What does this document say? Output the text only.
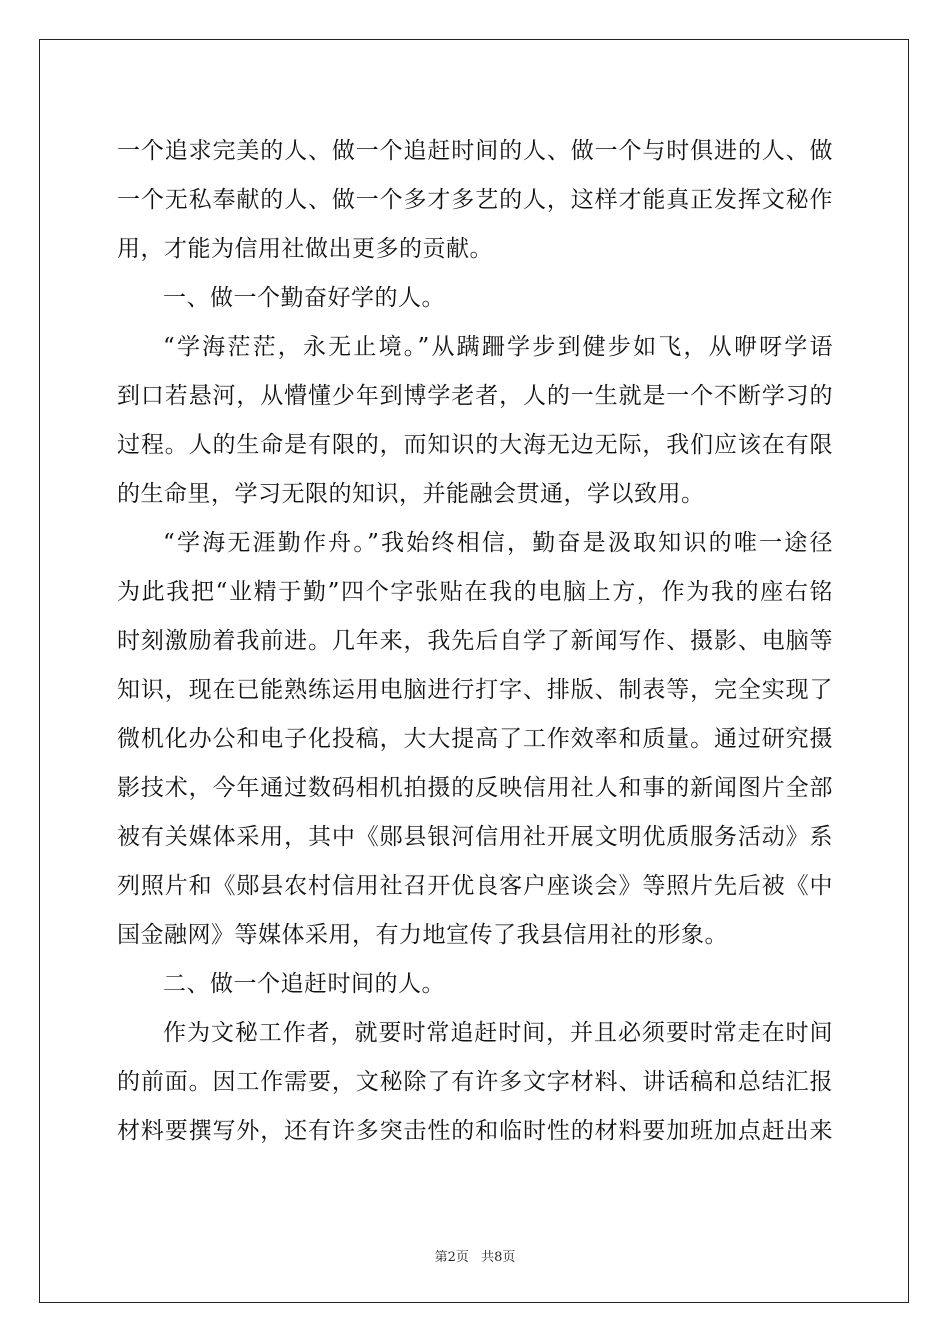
一个追求完美的人、做一个追赶时间的人、做一个与时俱进的人、做
一个无私奉献的人、做一个多才多艺的人，这样才能真正发挥文秘作
用，才能为信用社做出更多的贡献。
一、做一个勤奋好学的人。
“学海茫茫，永无止境。”从蹒跚学步到健步如飞，从咿呀学语
到口若悬河，从懵懂少年到博学老者，人的一生就是一个不断学习的
过程。人的生命是有限的，而知识的大海无边无际，我们应该在有限
的生命里，学习无限的知识，并能融会贯通，学以致用。
“学海无涯勤作舟。”我始终相信，勤奋是汲取知识的唯一途径
为此我把“业精于勤”四个字张贴在我的电脑上方，作为我的座右铭
时刻激励着我前进。几年来，我先后自学了新闻写作、摄影、电脑等
知识，现在已能熟练运用电脑进行打字、排版、制表等，完全实现了
微机化办公和电子化投稿，大大提高了工作效率和质量。通过研究摄
影技术，今年通过数码相机拍摄的反映信用社人和事的新闻图片全部
被有关媒体采用，其中《郧县银河信用社开展文明优质服务活动》系
列照片和《郧县农村信用社召开优良客户座谈会》等照片先后被《中
国金融网》等媒体采用，有力地宣传了我县信用社的形象。
二、做一个追赶时间的人。
作为文秘工作者，就要时常追赶时间，并且必须要时常走在时间
的前面。因工作需要，文秘除了有许多文字材料、讲话稿和总结汇报
材料要撰写外，还有许多突击性的和临时性的材料要加班加点赶出来
第2页 共8页
